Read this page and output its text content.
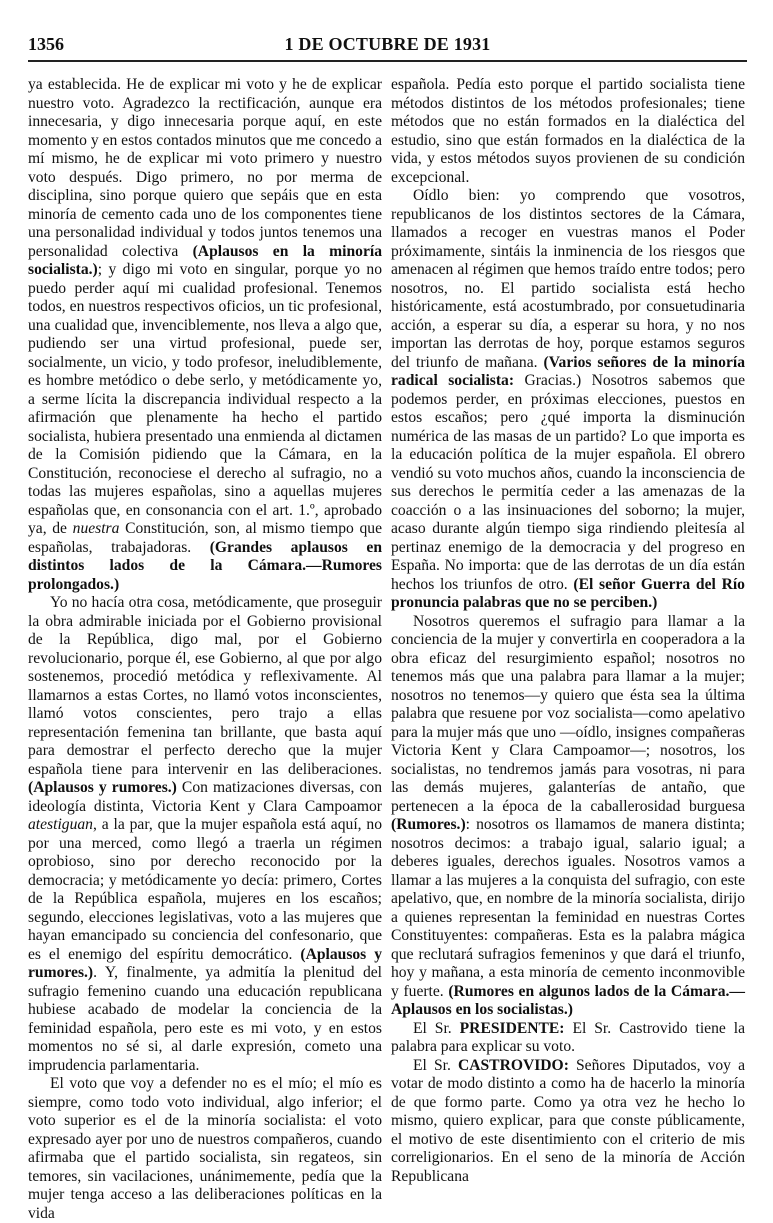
1356	1 DE OCTUBRE DE 1931

ya establecida. He de explicar mi voto y he de explicar nuestro voto. Agradezco la rectificación, aunque era innecesaria, y digo innecesaria porque aquí, en este momento y en estos contados minutos que me concedo a mí mismo, he de explicar mi voto primero y nuestro voto después. Digo primero, no por merma de disciplina, sino porque quiero que sepáis que en esta minoría de cemento cada uno de los componentes tiene una personalidad individual y todos juntos tenemos una personalidad colectiva (Aplausos en la minoría socialista.); y digo mi voto en singular, porque yo no puedo perder aquí mi cualidad profesional. Tenemos todos, en nuestros respectivos oficios, un tic profesional, una cualidad que, invenciblemente, nos lleva a algo que, pudiendo ser una virtud profesional, puede ser, socialmente, un vicio, y todo profesor, ineludiblemente, es hombre metódico o debe serlo, y metódicamente yo, a serme lícita la discrepancia individual respecto a la afirmación que plenamente ha hecho el partido socialista, hubiera presentado una enmienda al dictamen de la Comisión pidiendo que la Cámara, en la Constitución, reconociese el derecho al sufragio, no a todas las mujeres españolas, sino a aquellas mujeres españolas que, en consonancia con el art. 1.º, aprobado ya, de nuestra Constitución, son, al mismo tiempo que españolas, trabajadoras. (Grandes aplausos en distintos lados de la Cámara.—Rumores prolongados.)

Yo no hacía otra cosa, metódicamente, que proseguir la obra admirable iniciada por el Gobierno provisional de la República, digo mal, por el Gobierno revolucionario, porque él, ese Gobierno, al que por algo sostenemos, procedió metódica y reflexivamente. Al llamarnos a estas Cortes, no llamó votos inconscientes, llamó votos conscientes, pero trajo a ellas representación femenina tan brillante, que basta aquí para demostrar el perfecto derecho que la mujer española tiene para intervenir en las deliberaciones. (Aplausos y rumores.) Con matizaciones diversas, con ideología distinta, Victoria Kent y Clara Campoamor atestiguan, a la par, que la mujer española está aquí, no por una merced, como llegó a traerla un régimen oprobioso, sino por derecho reconocido por la democracia; y metódicamente yo decía: primero, Cortes de la República española, mujeres en los escaños; segundo, elecciones legislativas, voto a las mujeres que hayan emancipado su conciencia del confesonario, que es el enemigo del espíritu democrático. (Aplausos y rumores.). Y, finalmente, ya admitía la plenitud del sufragio femenino cuando una educación republicana hubiese acabado de modelar la conciencia de la feminidad española, pero este es mi voto, y en estos momentos no sé si, al darle expresión, cometo una imprudencia parlamentaria.

El voto que voy a defender no es el mío; el mío es siempre, como todo voto individual, algo inferior; el voto superior es el de la minoría socialista: el voto expresado ayer por uno de nuestros compañeros, cuando afirmaba que el partido socialista, sin regateos, sin temores, sin vacilaciones, unánimemente, pedía que la mujer tenga acceso a las deliberaciones políticas en la vida

española. Pedía esto porque el partido socialista tiene métodos distintos de los métodos profesionales; tiene métodos que no están formados en la dialéctica del estudio, sino que están formados en la dialéctica de la vida, y estos métodos suyos provienen de su condición excepcional.

Oídlo bien: yo comprendo que vosotros, republicanos de los distintos sectores de la Cámara, llamados a recoger en vuestras manos el Poder próximamente, sintáis la inminencia de los riesgos que amenacen al régimen que hemos traído entre todos; pero nosotros, no. El partido socialista está hecho históricamente, está acostumbrado, por consuetudinaria acción, a esperar su día, a esperar su hora, y no nos importan las derrotas de hoy, porque estamos seguros del triunfo de mañana. (Varios señores de la minoría radical socialista: Gracias.) Nosotros sabemos que podemos perder, en próximas elecciones, puestos en estos escaños; pero ¿qué importa la disminución numérica de las masas de un partido? Lo que importa es la educación política de la mujer española. El obrero vendió su voto muchos años, cuando la inconsciencia de sus derechos le permitía ceder a las amenazas de la coacción o a las insinuaciones del soborno; la mujer, acaso durante algún tiempo siga rindiendo pleitesía al pertinaz enemigo de la democracia y del progreso en España. No importa: que de las derrotas de un día están hechos los triunfos de otro. (El señor Guerra del Río pronuncia palabras que no se perciben.)

Nosotros queremos el sufragio para llamar a la conciencia de la mujer y convertirla en cooperadora a la obra eficaz del resurgimiento español; nosotros no tenemos más que una palabra para llamar a la mujer; nosotros no tenemos—y quiero que ésta sea la última palabra que resuene por voz socialista—como apelativo para la mujer más que uno —oídlo, insignes compañeras Victoria Kent y Clara Campoamor—; nosotros, los socialistas, no tendremos jamás para vosotras, ni para las demás mujeres, galanterías de antaño, que pertenecen a la época de la caballerosidad burguesa (Rumores.): nosotros os llamamos de manera distinta; nosotros decimos: a trabajo igual, salario igual; a deberes iguales, derechos iguales. Nosotros vamos a llamar a las mujeres a la conquista del sufragio, con este apelativo, que, en nombre de la minoría socialista, dirijo a quienes representan la feminidad en nuestras Cortes Constituyentes: compañeras. Esta es la palabra mágica que reclutará sufragios femeninos y que dará el triunfo, hoy y mañana, a esta minoría de cemento inconmovible y fuerte. (Rumores en algunos lados de la Cámara.—Aplausos en los socialistas.)

El Sr. PRESIDENTE: El Sr. Castrovido tiene la palabra para explicar su voto.

El Sr. CASTROVIDO: Señores Diputados, voy a votar de modo distinto a como ha de hacerlo la minoría de que formo parte. Como ya otra vez he hecho lo mismo, quiero explicar, para que conste públicamente, el motivo de este disentimiento con el criterio de mis correligionarios. En el seno de la minoría de Acción Republicana
